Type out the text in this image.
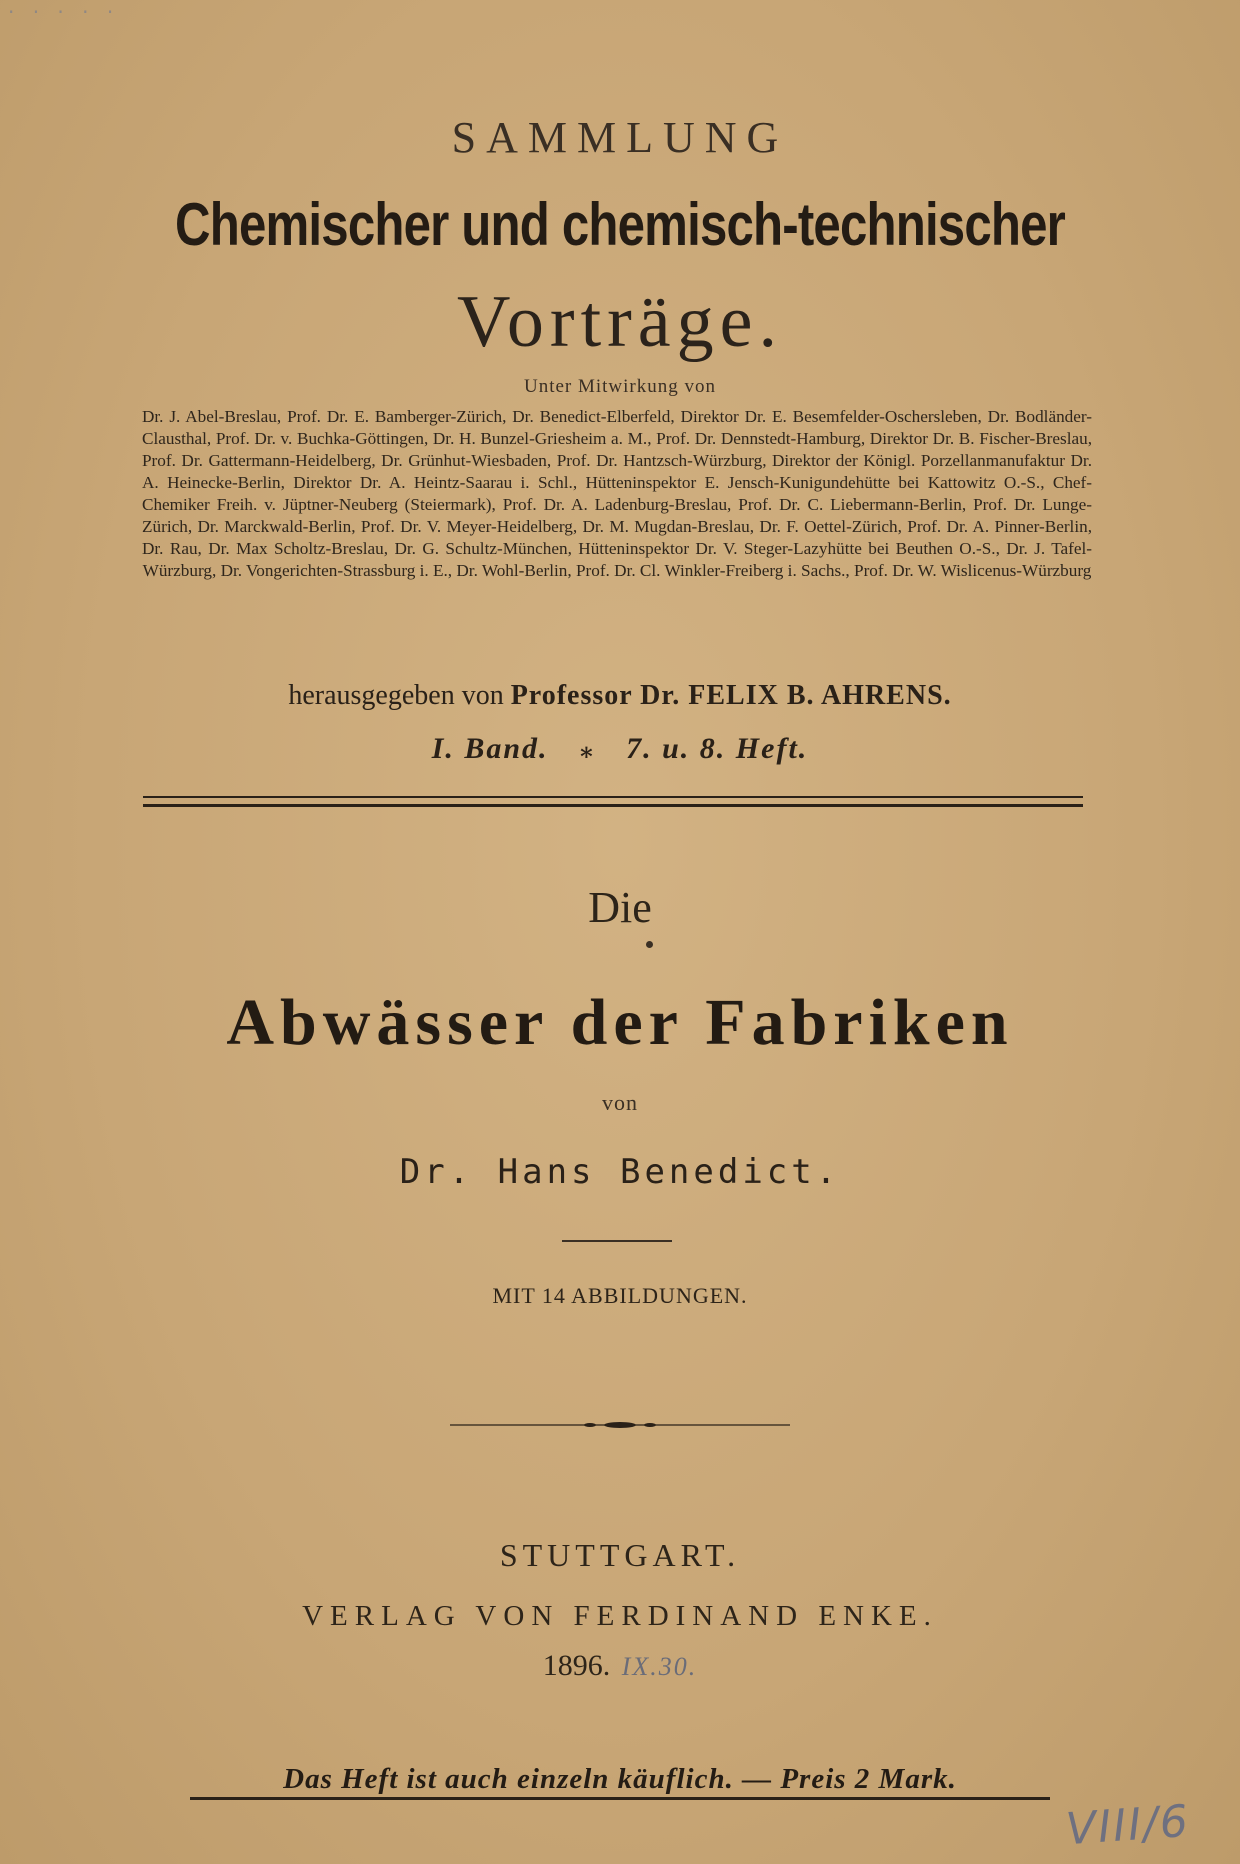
· · · · ·
SAMMLUNG
Chemischer und chemisch-technischer
Vorträge.
Unter Mitwirkung von
Dr. J. Abel-Breslau, Prof. Dr. E. Bamberger-Zürich, Dr. Benedict-Elberfeld, Direktor Dr. E. Besemfelder-Oschersleben, Dr. Bodländer-Clausthal, Prof. Dr. v. Buchka-Göttingen, Dr. H. Bunzel-Griesheim a. M., Prof. Dr. Dennstedt-Hamburg, Direktor Dr. B. Fischer-Breslau, Prof. Dr. Gattermann-Heidelberg, Dr. Grünhut-Wiesbaden, Prof. Dr. Hantzsch-Würzburg, Direktor der Königl. Porzellanmanufaktur Dr. A. Heinecke-Berlin, Direktor Dr. A. Heintz-Saarau i. Schl., Hütteninspektor E. Jensch-Kunigundehütte bei Kattowitz O.-S., Chef-Chemiker Freih. v. Jüptner-Neuberg (Steiermark), Prof. Dr. A. Ladenburg-Breslau, Prof. Dr. C. Liebermann-Berlin, Prof. Dr. Lunge-Zürich, Dr. Marckwald-Berlin, Prof. Dr. V. Meyer-Heidelberg, Dr. M. Mugdan-Breslau, Dr. F. Oettel-Zürich, Prof. Dr. A. Pinner-Berlin, Dr. Rau, Dr. Max Scholtz-Breslau, Dr. G. Schultz-München, Hütteninspektor Dr. V. Steger-Lazyhütte bei Beuthen O.-S., Dr. J. Tafel-Würzburg, Dr. Vongerichten-Strassburg i. E., Dr. Wohl-Berlin, Prof. Dr. Cl. Winkler-Freiberg i. Sachs., Prof. Dr. W. Wislicenus-Würzburg
herausgegeben von Professor Dr. FELIX B. AHRENS.
I. Band. ⁎ 7. u. 8. Heft.
Die
Abwässer der Fabriken
von
Dr. Hans Benedict.
MIT 14 ABBILDUNGEN.
STUTTGART.
VERLAG VON FERDINAND ENKE.
1896. IX.30.
Das Heft ist auch einzeln käuflich. — Preis 2 Mark.
VIII/6
